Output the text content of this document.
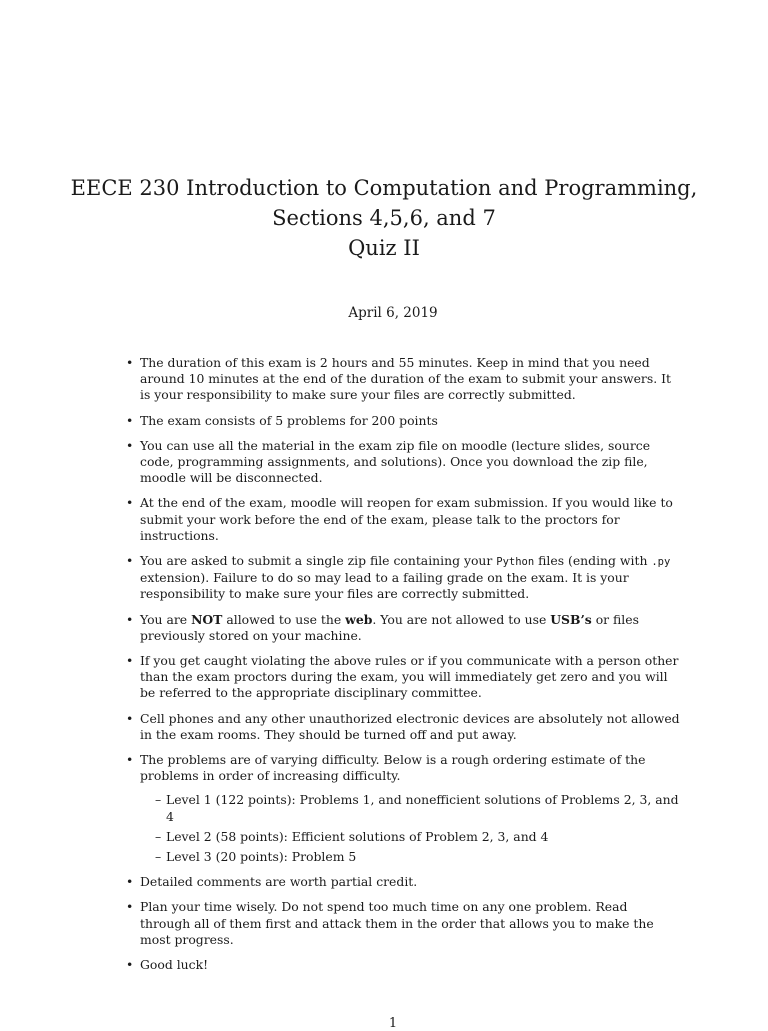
EECE 230 Introduction to Computation and Programming,
Sections 4,5,6, and 7
Quiz II
April 6, 2019
• The duration of this exam is 2 hours and 55 minutes. Keep in mind that you need around 10 minutes at the end of the duration of the exam to submit your answers. It is your responsibility to make sure your files are correctly submitted.
• The exam consists of 5 problems for 200 points
• You can use all the material in the exam zip file on moodle (lecture slides, source code, programming assignments, and solutions). Once you download the zip file, moodle will be disconnected.
• At the end of the exam, moodle will reopen for exam submission. If you would like to submit your work before the end of the exam, please talk to the proctors for instructions.
• You are asked to submit a single zip file containing your Python files (ending with .py extension). Failure to do so may lead to a failing grade on the exam. It is your responsibility to make sure your files are correctly submitted.
• You are NOT allowed to use the web. You are not allowed to use USB’s or files previously stored on your machine.
• If you get caught violating the above rules or if you communicate with a person other than the exam proctors during the exam, you will immediately get zero and you will be referred to the appropriate disciplinary committee.
• Cell phones and any other unauthorized electronic devices are absolutely not allowed in the exam rooms. They should be turned off and put away.
• The problems are of varying difficulty. Below is a rough ordering estimate of the problems in order of increasing difficulty.
– Level 1 (122 points): Problems 1, and nonefficient solutions of Problems 2, 3, and 4
– Level 2 (58 points): Efficient solutions of Problem 2, 3, and 4
– Level 3 (20 points): Problem 5
• Detailed comments are worth partial credit.
• Plan your time wisely. Do not spend too much time on any one problem. Read through all of them first and attack them in the order that allows you to make the most progress.
• Good luck!
1
